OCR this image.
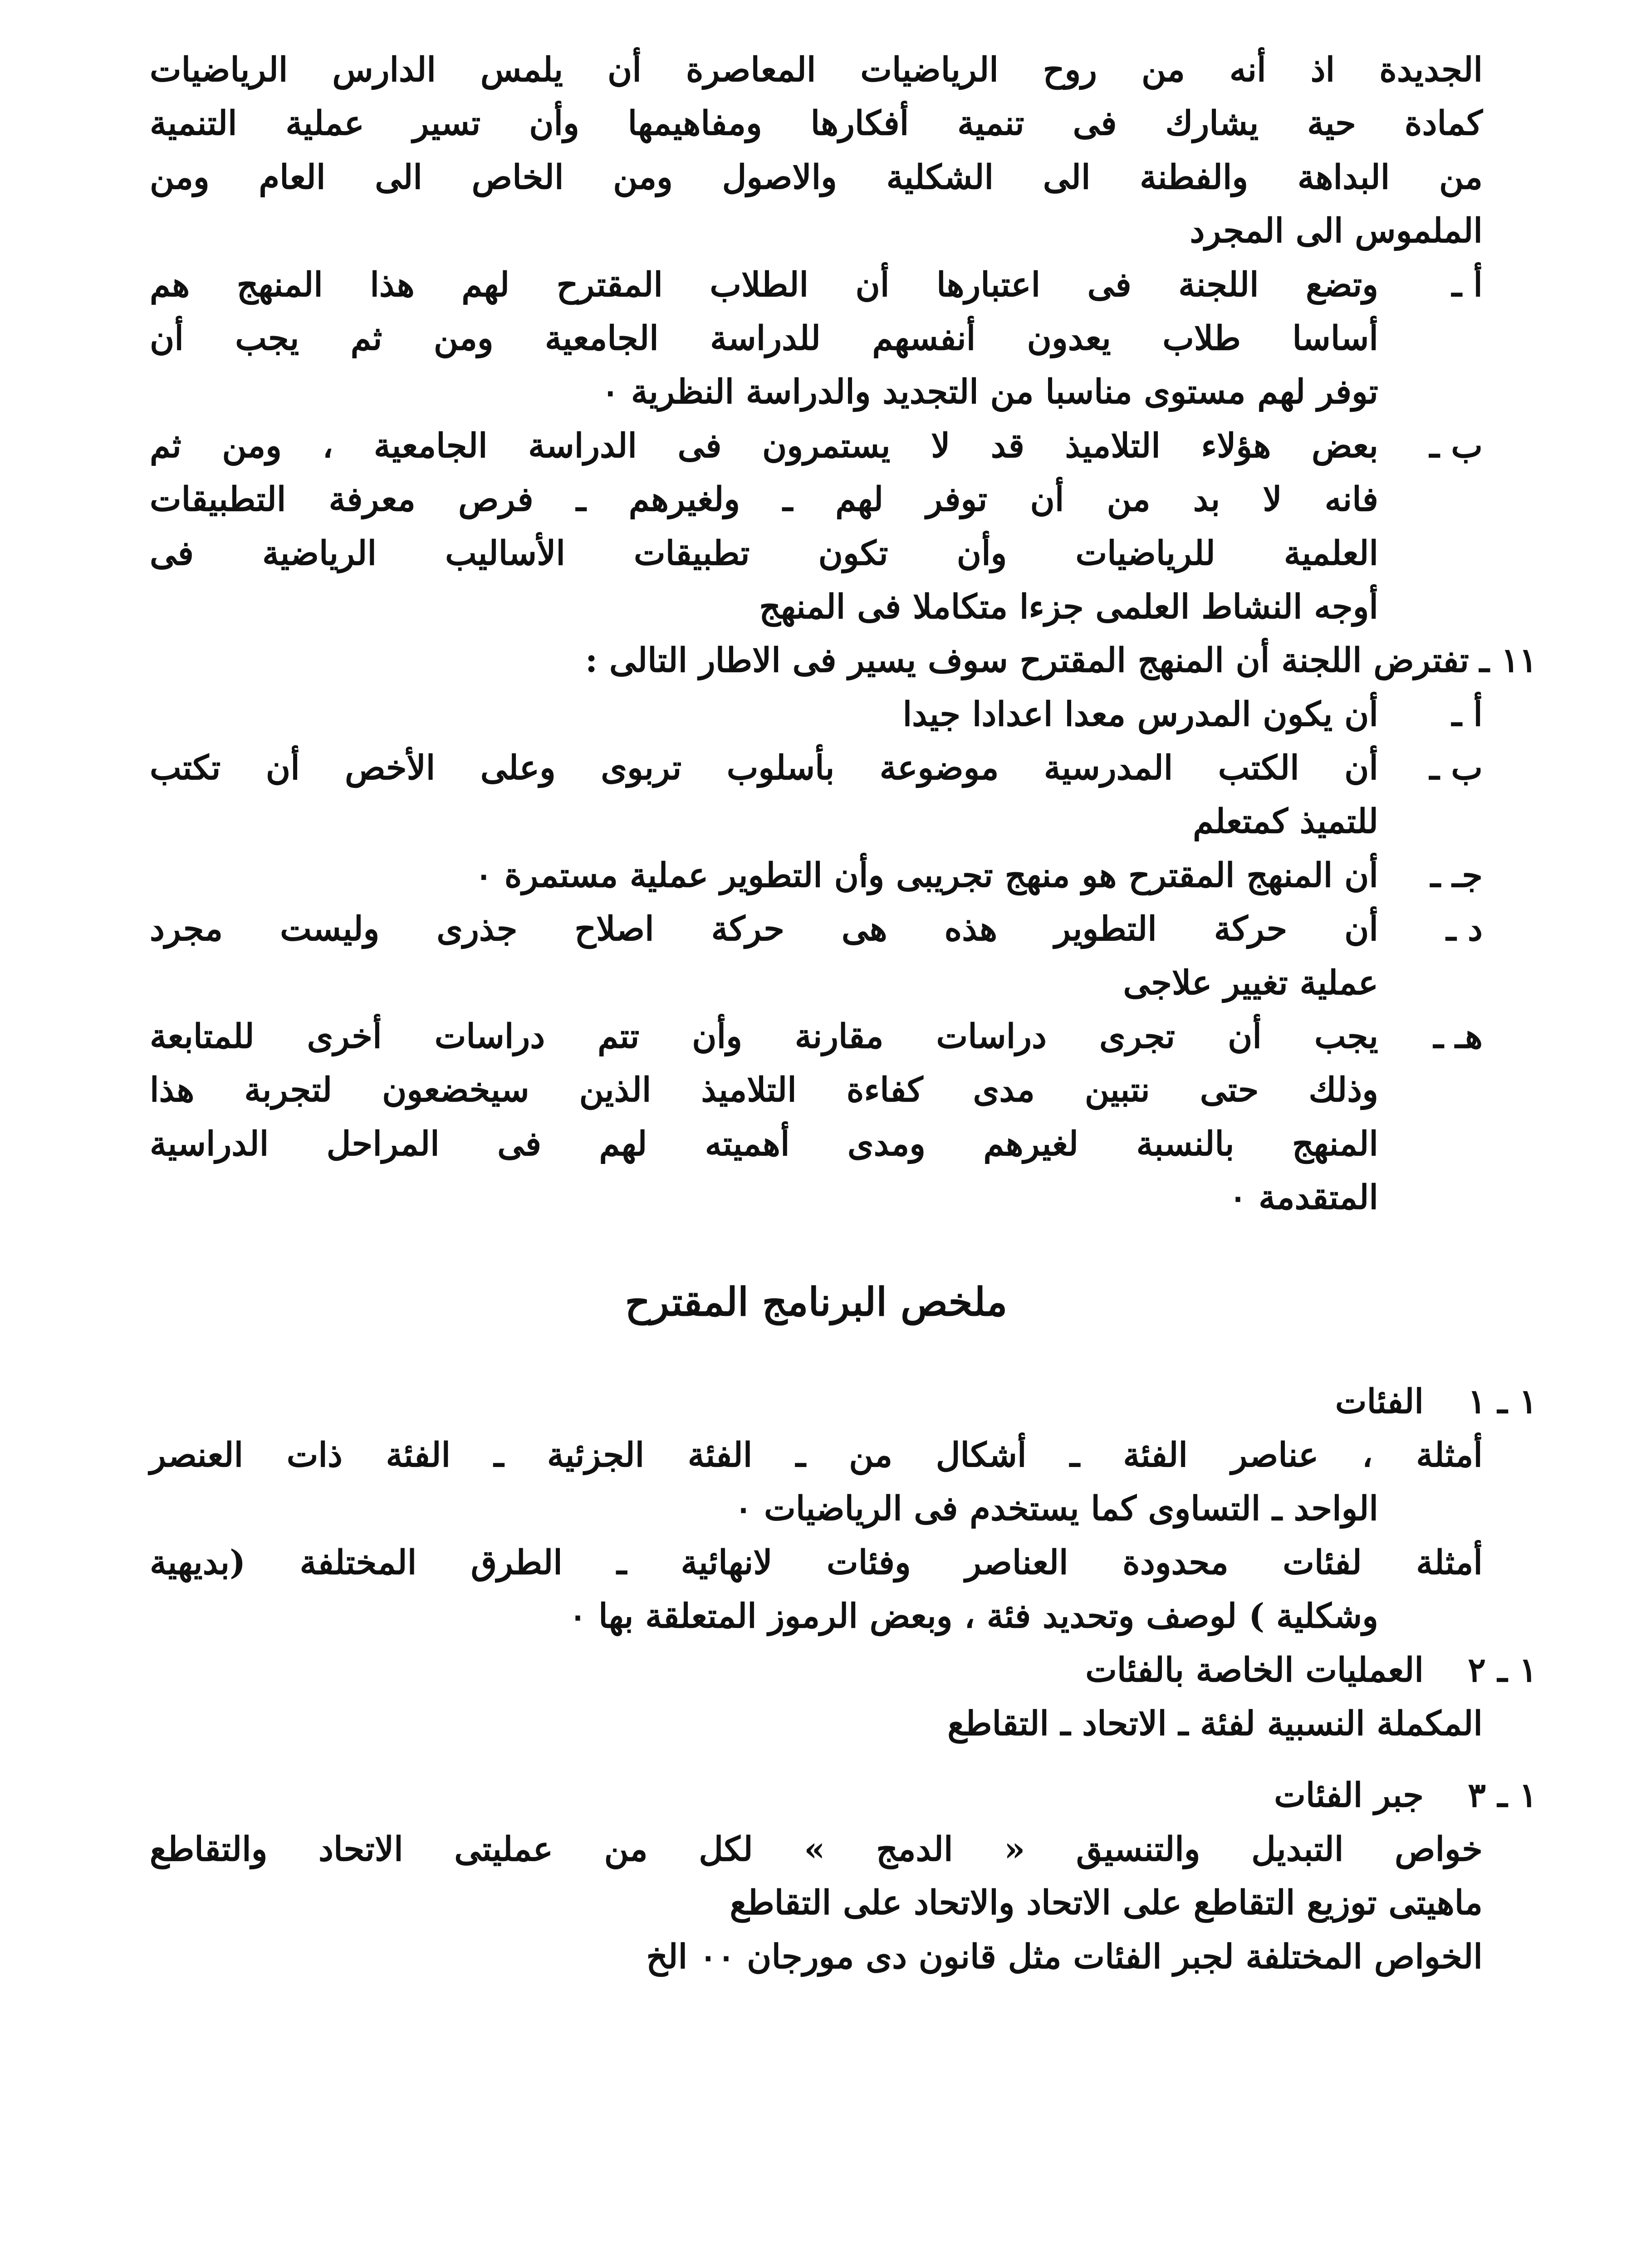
الجديدة اذ أنه من روح الرياضيات المعاصرة أن يلمس الدارس الرياضيات
كمادة حية يشارك فى تنمية أفكارها ومفاهيمها وأن تسير عملية التنمية
من البداهة والفطنة الى الشكلية والاصول ومن الخاص الى العام ومن
الملموس الى المجرد
أ ـ
وتضع اللجنة فى اعتبارها أن الطلاب المقترح لهم هذا المنهج هم
أساسا طلاب يعدون أنفسهم للدراسة الجامعية ومن ثم يجب أن
توفر لهم مستوى مناسبا من التجديد والدراسة النظرية ٠
ب ـ
بعض هؤلاء التلاميذ قد لا يستمرون فى الدراسة الجامعية ، ومن ثم
فانه لا بد من أن توفر لهم ـ ولغيرهم ـ فرص معرفة التطبيقات
العلمية للرياضيات وأن تكون تطبيقات الأساليب الرياضية فى
أوجه النشاط العلمى جزءا متكاملا فى المنهج
١١ ـ
تفترض اللجنة أن المنهج المقترح سوف يسير فى الاطار التالى :
أ ـ
أن يكون المدرس معدا اعدادا جيدا
ب ـ
أن الكتب المدرسية موضوعة بأسلوب تربوى وعلى الأخص أن تكتب
للتميذ كمتعلم
جـ ـ
أن المنهج المقترح هو منهج تجريبى وأن التطوير عملية مستمرة ٠
د ـ
أن حركة التطوير هذه هى حركة اصلاح جذرى وليست مجرد
عملية تغيير علاجى
هـ ـ
يجب أن تجرى دراسات مقارنة وأن تتم دراسات أخرى للمتابعة
وذلك حتى نتبين مدى كفاءة التلاميذ الذين سيخضعون لتجربة هذا
المنهج بالنسبة لغيرهم ومدى أهميته لهم فى المراحل الدراسية
المتقدمة ٠
ملخص البرنامج المقترح
١ ـ ١
الفئات
أمثلة ، عناصر الفئة ـ أشكال من ـ الفئة الجزئية ـ الفئة ذات العنصر
الواحد ـ التساوى كما يستخدم فى الرياضيات ٠
أمثلة لفئات محدودة العناصر وفئات لانهائية ـ الطرق المختلفة (بديهية
وشكلية ) لوصف وتحديد فئة ، وبعض الرموز المتعلقة بها ٠
١ ـ ٢
العمليات الخاصة بالفئات
المكملة النسبية لفئة ـ الاتحاد ـ التقاطع
١ ـ ٣
جبر الفئات
خواص التبديل والتنسيق « الدمج » لكل من عمليتى الاتحاد والتقاطع
ماهيتى توزيع التقاطع على الاتحاد والاتحاد على التقاطع
الخواص المختلفة لجبر الفئات مثل قانون دى مورجان ٠٠ الخ
